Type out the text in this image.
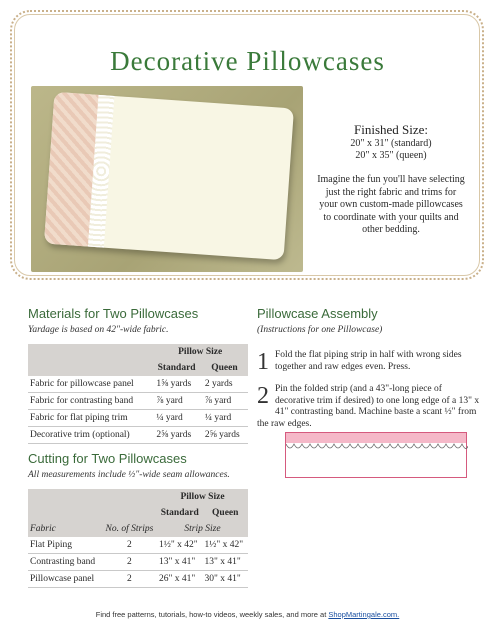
Decorative Pillowcases
Finished Size:
20" x 31" (standard)
20" x 35" (queen)
Imagine the fun you'll have selecting just the right fabric and trims for your own custom-made pillowcases to coordinate with your quilts and other bedding.
Materials for Two Pillowcases
Yardage is based on 42"-wide fabric.
	Pillow Size	
	Standard	Queen
Fabric for pillowcase panel	1⅝ yards	2 yards
Fabric for contrasting band	⅞ yard	⅞ yard
Fabric for flat piping trim	¼ yard	¼ yard
Decorative trim (optional)	2⅝ yards	2⅝ yards
Cutting for Two Pillowcases
All measurements include ½"-wide seam allowances.
		Pillow Size	
		Standard	Queen
Fabric	No. of Strips	Strip Size	
Flat Piping	2	1½" x 42"	1½" x 42"
Contrasting band	2	13" x 41"	13" x 41"
Pillowcase panel	2	26" x 41"	30" x 41"
Pillowcase Assembly
(Instructions for one Pillowcase)
1 Fold the flat piping strip in half with wrong sides together and raw edges even. Press.
2 Pin the folded strip (and a 43"-long piece of decorative trim if desired) to one long edge of a 13" x 41" contrasting band. Machine baste a scant ½" from the raw edges.
Find free patterns, tutorials, how-to videos, weekly sales, and more at ShopMartingale.com.
